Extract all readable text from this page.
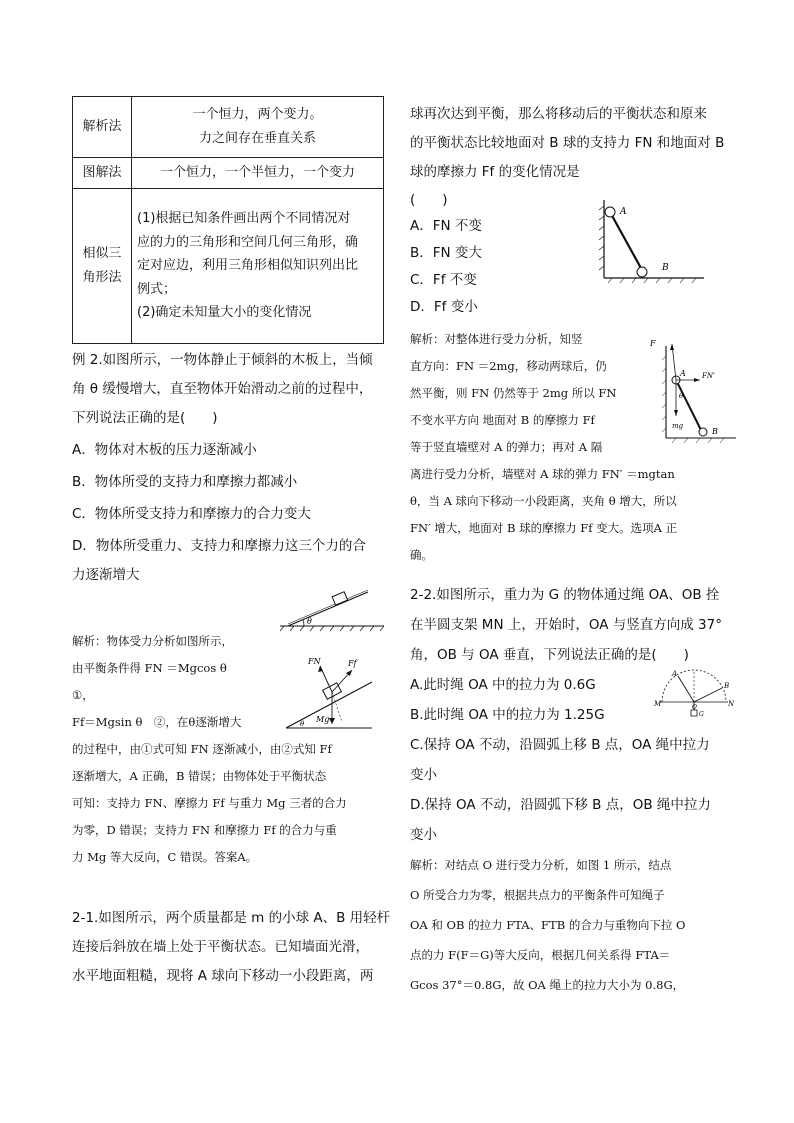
解析法	一个恒力，两个变力。
力之间存在垂直关系

图解法	一个恒力，一个半恒力，一个变力

相似三
角形法	(1)根据已知条件画出两个不同情况对
应的力的三角形和空间几何三角形，确
定对应边，利用三角形相似知识列出比
例式；
(2)确定未知量大小的变化情况
例 2.如图所示，一物体静止于倾斜的木板上，当倾
角 θ 缓慢增大，直至物体开始滑动之前的过程中，
下列说法正确的是(　　)
A．物体对木板的压力逐渐减小
B．物体所受的支持力和摩擦力都减小
C．物体所受支持力和摩擦力的合力变大
D．物体所受重力、支持力和摩擦力这三个力的合
力逐渐增大
θ
解析：物体受力分析如图所示，
由平衡条件得 FN ＝Mgcos θ
①，
Ff＝Mgsin θ　②，在θ逐渐增大
的过程中，由①式可知 FN 逐渐减小，由②式知 Ff
逐渐增大，A 正确，B 错误；由物体处于平衡状态
可知：支持力 FN、摩擦力 Ff 与重力 Mg 三者的合力
为零，D 错误；支持力 FN 和摩擦力 Ff 的合力与重
力 Mg 等大反向，C 错误。答案A。
FN	Ff
Mg
θ
2-1.如图所示，两个质量都是 m 的小球 A、B 用轻杆
连接后斜放在墙上处于平衡状态。已知墙面光滑，
水平地面粗糙，现将 A 球向下移动一小段距离，两
球再次达到平衡，那么将移动后的平衡状态和原来
的平衡状态比较地面对 B 球的支持力 FN 和地面对 B
球的摩擦力 Ff 的变化情况是
(　　)
A．FN 不变
B．FN 变大
C．Ff 不变
D．Ff 变小
A
B
解析：对整体进行受力分析，知竖
直方向：FN ＝2mg，移动两球后，仍
然平衡，则 FN 仍然等于 2mg 所以 FN
不变水平方向 地面对 B 的摩擦力 Ff
等于竖直墙壁对 A 的弹力；再对 A 隔
离进行受力分析，墙壁对 A 球的弹力 FN′ ＝mgtan
θ，当 A 球向下移动一小段距离，夹角 θ 增大，所以
FN′ 增大，地面对 B 球的摩擦力 Ff 变大。选项A 正
确。
F
A FN'
θ
mg
B
2-2.如图所示，重力为 G 的物体通过绳 OA、OB 拴
在半圆支架 MN 上，开始时，OA 与竖直方向成 37°
角，OB 与 OA 垂直，下列说法正确的是(　　)
A.此时绳 OA 中的拉力为 0.6G
B.此时绳 OA 中的拉力为 1.25G
C.保持 OA 不动，沿圆弧上移 B 点，OA 绳中拉力
变小
D.保持 OA 不动，沿圆弧下移 B 点，OB 绳中拉力
变小
M	N
A
B
O
G
解析：对结点 O 进行受力分析，如图 1 所示，结点
O 所受合力为零，根据共点力的平衡条件可知绳子
OA 和 OB 的拉力 FTA、FTB 的合力与重物向下拉 O
点的力 F(F＝G)等大反向，根据几何关系得 FTA＝
Gcos 37°＝0.8G，故 OA 绳上的拉力大小为 0.8G，
